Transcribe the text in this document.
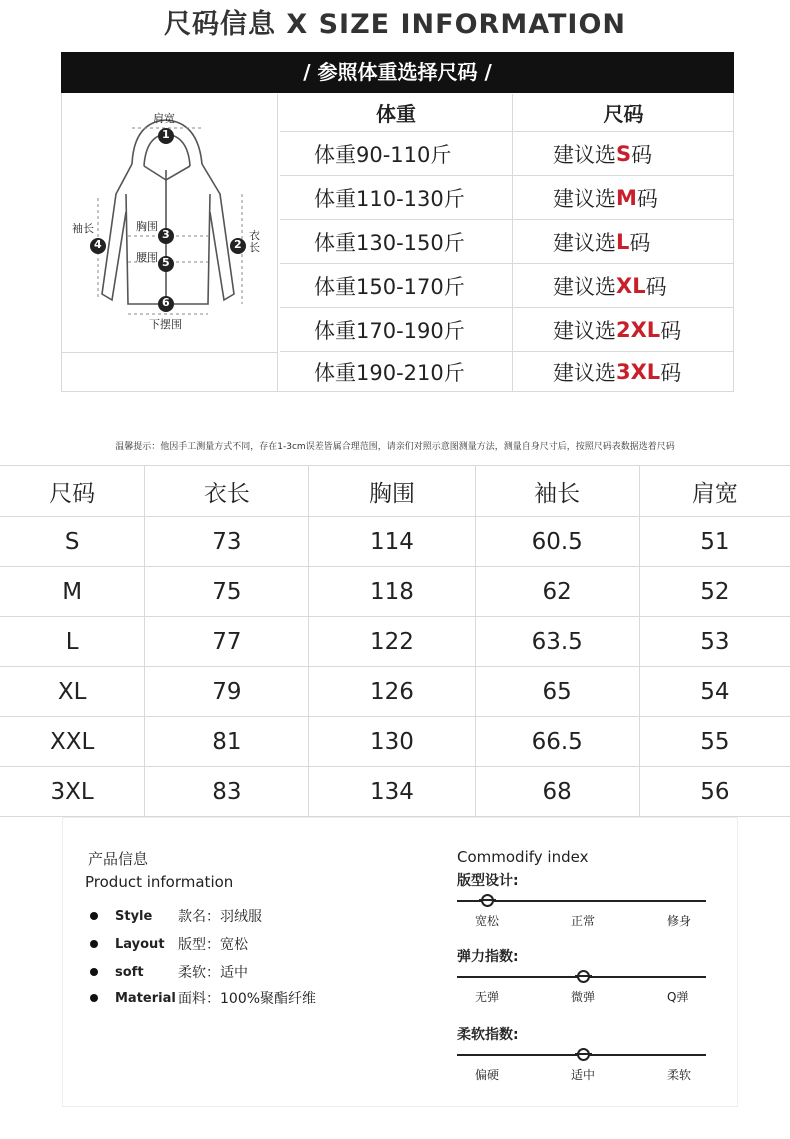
尺码信息 X SIZE INFORMATION
/ 参照体重选择尺码 /
肩宽
袖长	胸围
腰围
衣长
下摆围
1
2
3
4
5
6
体重	尺码
体重90-110斤	建议选 S 码
体重110-130斤	建议选 M 码
体重130-150斤	建议选 L 码
体重150-170斤	建议选 XL 码
体重170-190斤	建议选 2XL 码
体重190-210斤	建议选 3XL 码
温馨提示：他因手工测量方式不同，存在1-3cm误差皆属合理范围，请亲们对照示意图测量方法，测量自身尺寸后，按照尺码表数据选着尺码
尺码	衣长	胸围	袖长	肩宽
S	73	114	60.5	51
M	75	118	62	52
L	77	122	63.5	53
XL	79	126	65	54
XXL	81	130	66.5	55
3XL	83	134	68	56
产品信息
Product information
Style	款名：羽绒服
Layout 版型：宽松
soft	柔软：适中
Material 面料：100%聚酯纤维
Commodify index
版型设计:
宽松	正常	修身
弹力指数:
无弹	微弹	Q弹
柔软指数:
偏硬	适中	柔软
